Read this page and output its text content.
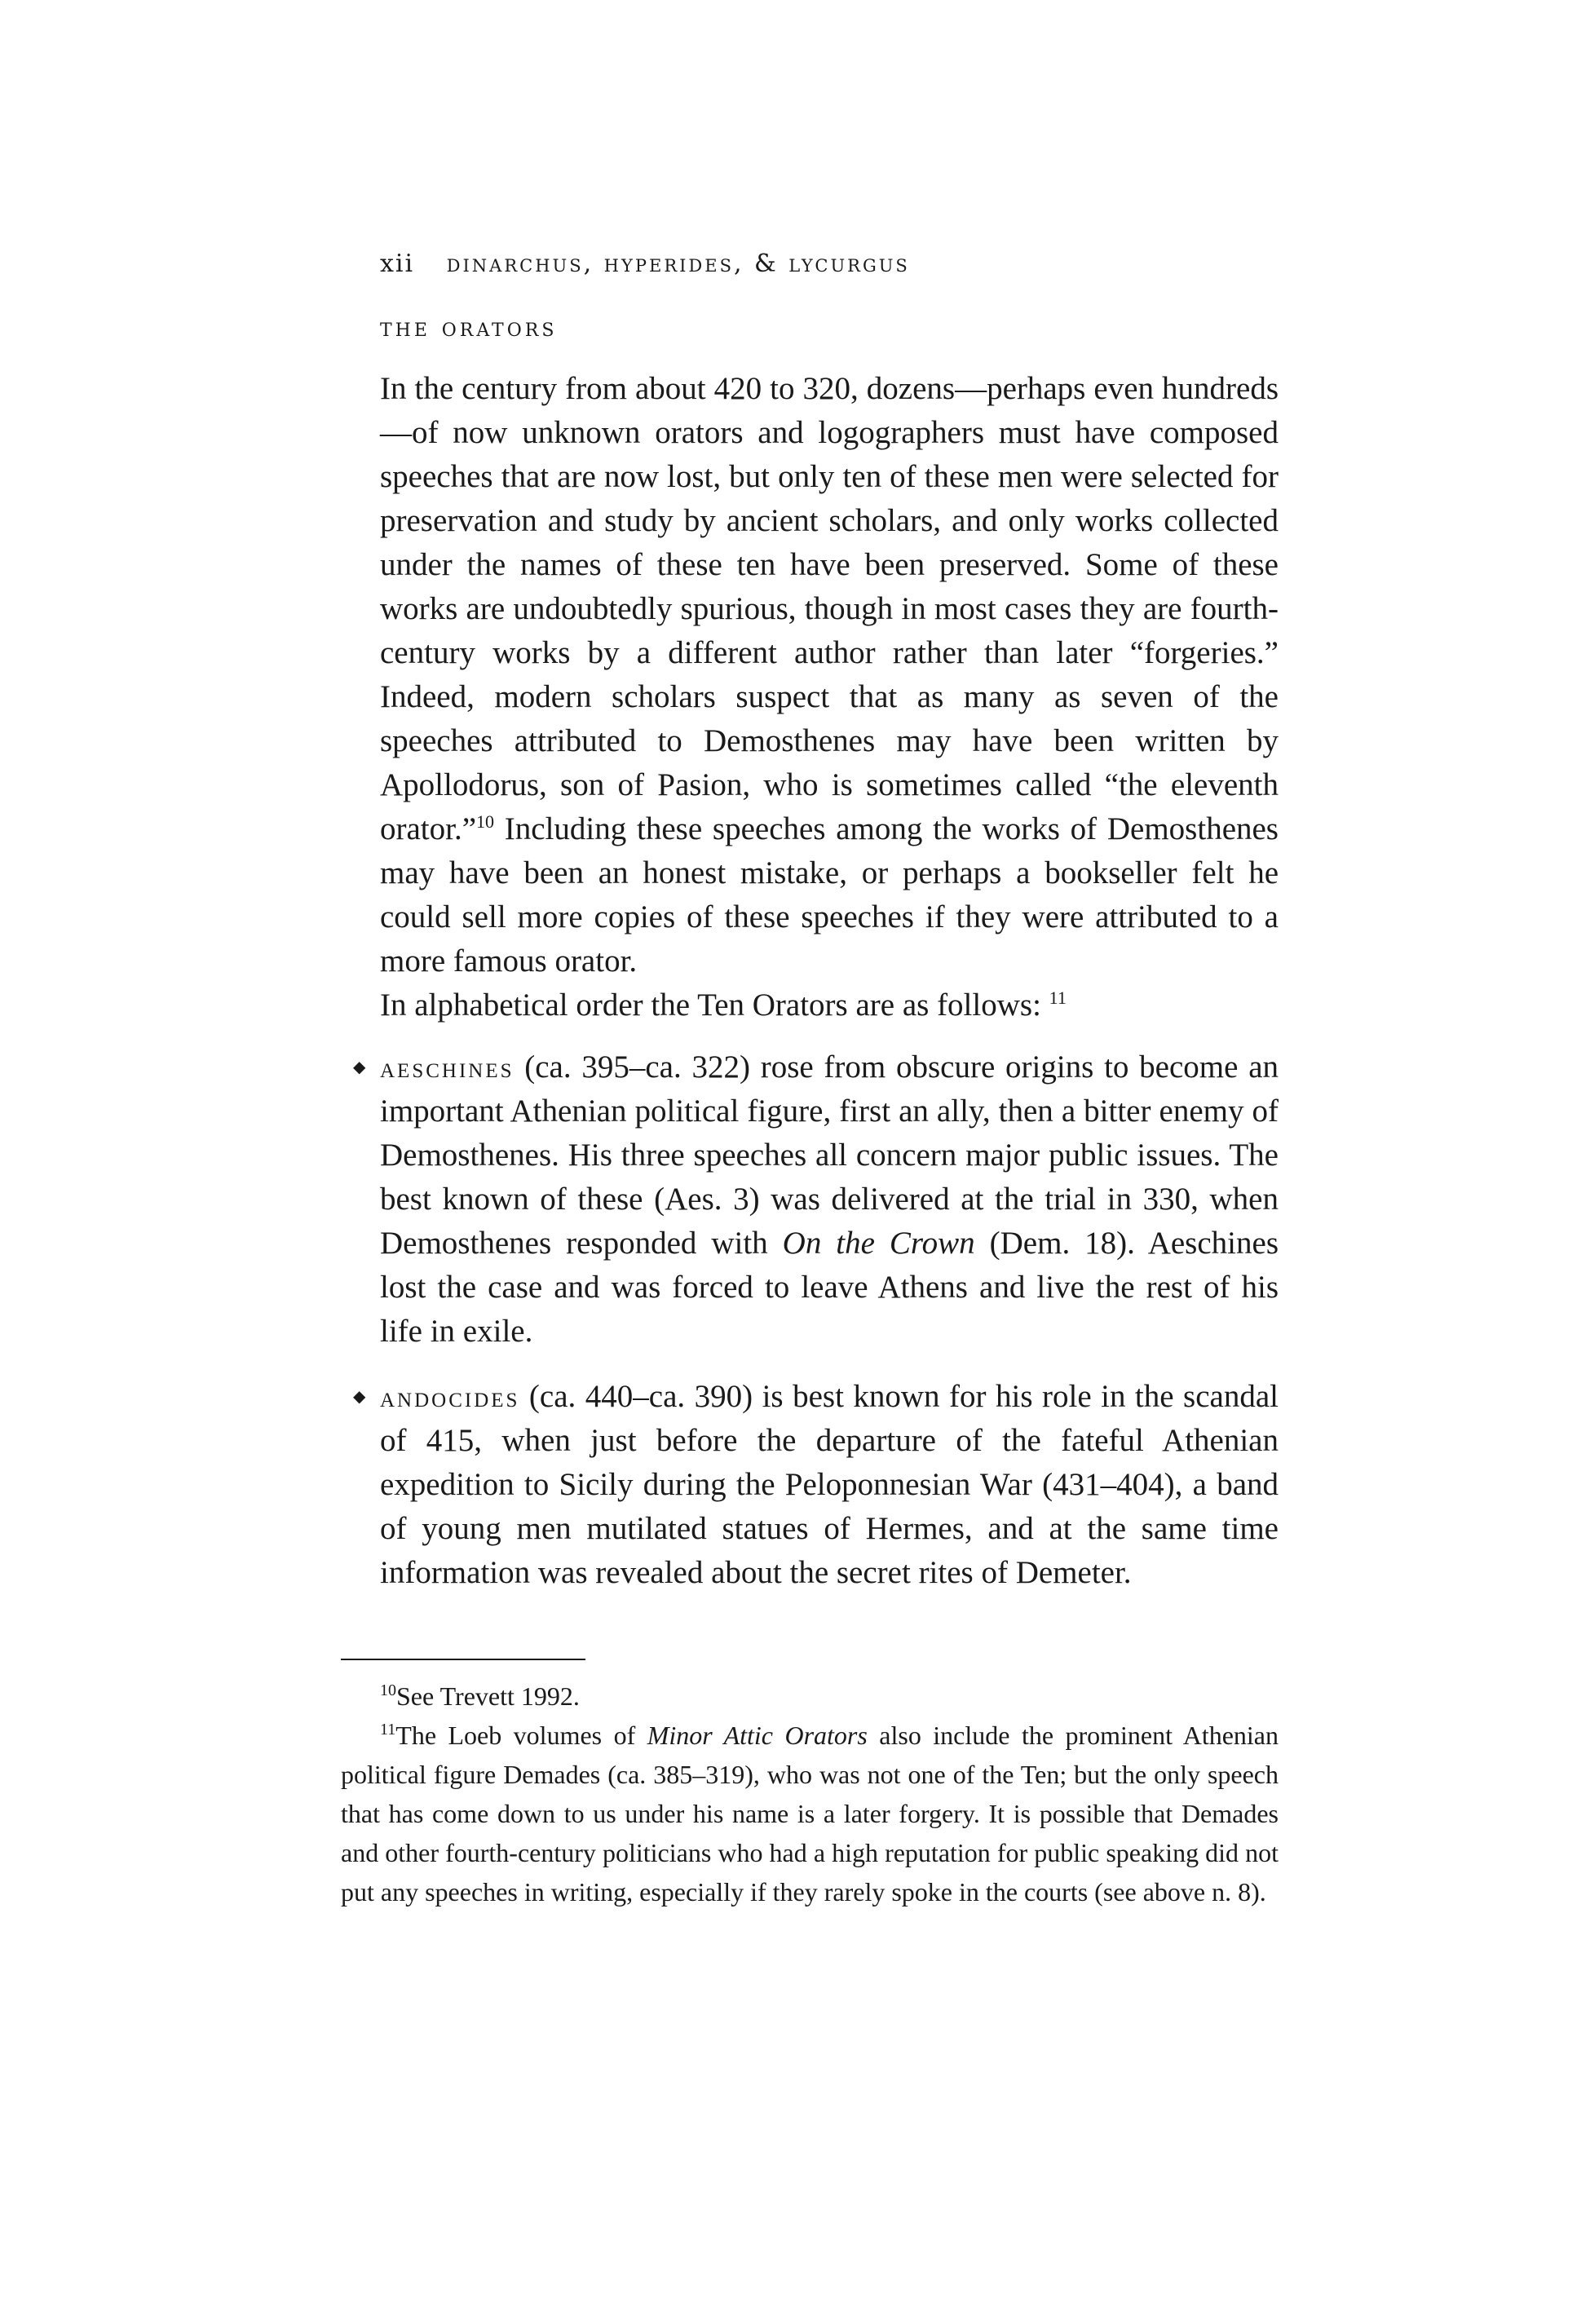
xii dinarchus, hyperides, & lycurgus
the orators

In the century from about 420 to 320, dozens—perhaps even hundreds—of now unknown orators and logographers must have composed speeches that are now lost, but only ten of these men were selected for preservation and study by ancient scholars, and only works collected under the names of these ten have been preserved. Some of these works are undoubtedly spurious, though in most cases they are fourth-century works by a different author rather than later “forgeries.” Indeed, modern scholars suspect that as many as seven of the speeches attributed to Demosthenes may have been written by Apollodorus, son of Pasion, who is sometimes called “the eleventh orator.”$^{10}$ Including these speeches among the works of Demosthenes may have been an honest mistake, or perhaps a bookseller felt he could sell more copies of these speeches if they were attributed to a more famous orator.

In alphabetical order the Ten Orators are as follows: $^{11}$

◆ aeschines (ca. 395–ca. 322) rose from obscure origins to become an important Athenian political figure, first an ally, then a bitter enemy of Demosthenes. His three speeches all concern major public issues. The best known of these (Aes. 3) was delivered at the trial in 330, when Demosthenes responded with On the Crown (Dem. 18). Aeschines lost the case and was forced to leave Athens and live the rest of his life in exile.
◆ andocides (ca. 440–ca. 390) is best known for his role in the scandal of 415, when just before the departure of the fateful Athenian expedition to Sicily during the Peloponnesian War (431–404), a band of young men mutilated statues of Hermes, and at the same time information was revealed about the secret rites of Demeter.

$^{10}$See Trevett 1992.

$^{11}$The Loeb volumes of Minor Attic Orators also include the prominent Athenian political figure Demades (ca. 385–319), who was not one of the Ten; but the only speech that has come down to us under his name is a later forgery. It is possible that Demades and other fourth-century politicians who had a high reputation for public speaking did not put any speeches in writing, especially if they rarely spoke in the courts (see above n. 8).
